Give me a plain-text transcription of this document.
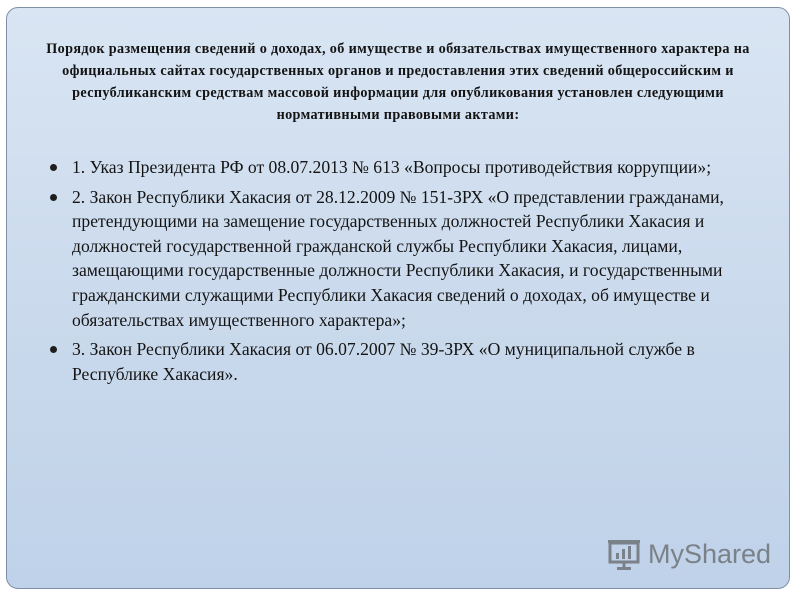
Порядок размещения сведений о доходах, об имуществе и обязательствах имущественного характера на официальных сайтах государственных органов и предоставления этих сведений общероссийским и республиканским средствам массовой информации для опубликования установлен следующими нормативными правовыми актами:
1. Указ Президента РФ от 08.07.2013 № 613 «Вопросы противодействия коррупции»;
2. Закон Республики Хакасия от 28.12.2009 № 151-ЗРХ «О представлении гражданами, претендующими на замещение государственных должностей Республики Хакасия и должностей государственной гражданской службы Республики Хакасия, лицами, замещающими государственные должности Республики Хакасия, и государственными гражданскими служащими Республики Хакасия сведений о доходах, об имуществе и обязательствах имущественного характера»;
3. Закон Республики Хакасия от 06.07.2007 № 39-ЗРХ «О муниципальной службе в Республике Хакасия».
MyShared
